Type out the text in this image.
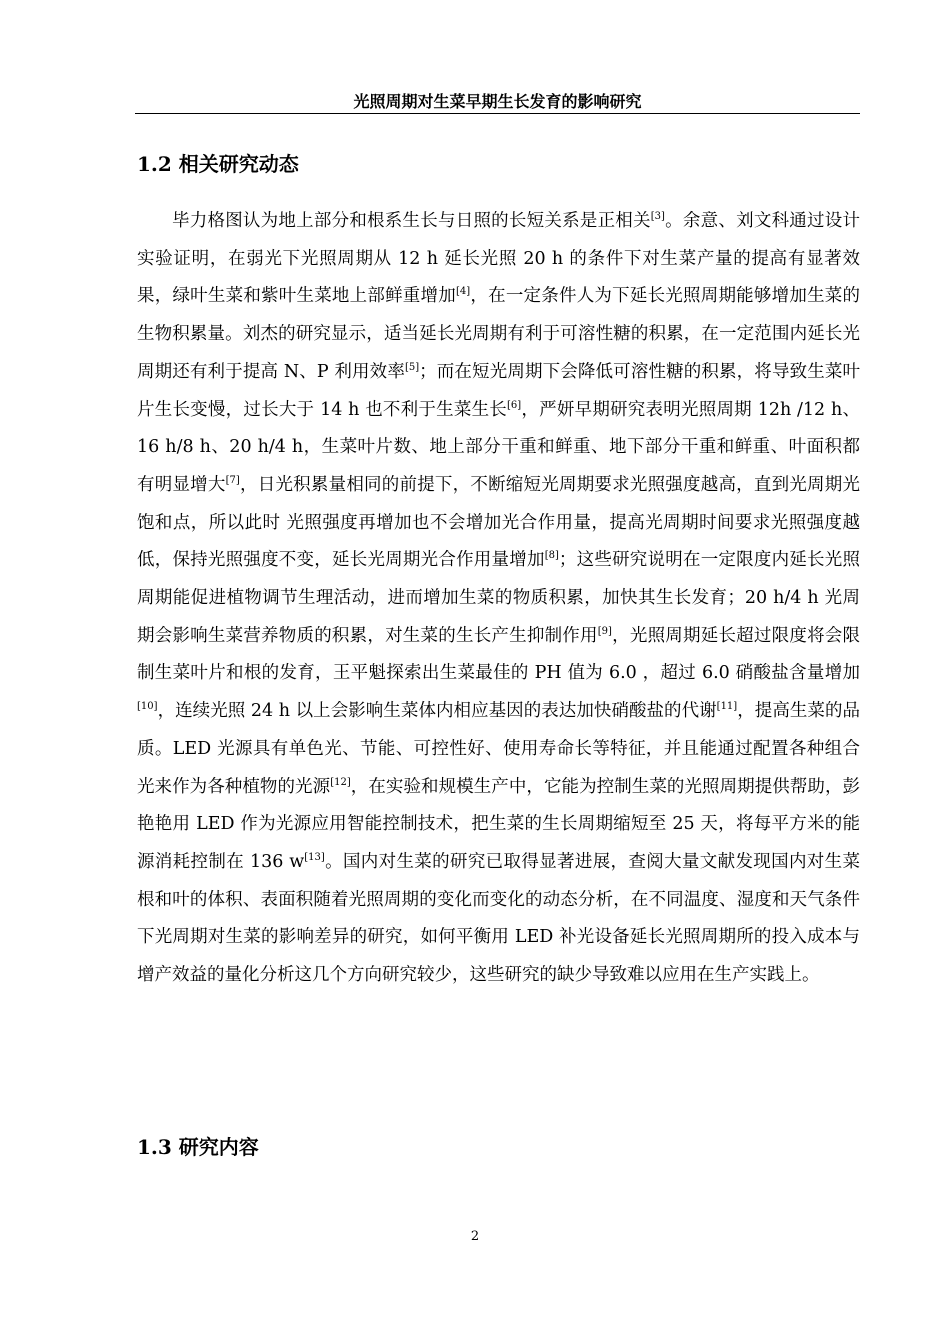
光照周期对生菜早期生长发育的影响研究
1.2 相关研究动态

毕力格图认为地上部分和根系生长与日照的长短关系是正相关[3]。余意、刘文科通过设计实验证明，在弱光下光照周期从 12 h 延长光照 20 h 的条件下对生菜产量的提高有显著效果，绿叶生菜和紫叶生菜地上部鲜重增加[4]，在一定条件人为下延长光照周期能够增加生菜的生物积累量。刘杰的研究显示，适当延长光周期有利于可溶性糖的积累，在一定范围内延长光周期还有利于提高 N、P 利用效率[5]；而在短光周期下会降低可溶性糖的积累，将导致生菜叶片生长变慢，过长大于 14 h 也不利于生菜生长[6]，严妍早期研究表明光照周期 12h /12 h、16 h/8 h、20 h/4 h，生菜叶片数、地上部分干重和鲜重、地下部分干重和鲜重、叶面积都有明显增大[7]，日光积累量相同的前提下，不断缩短光周期要求光照强度越高，直到光周期光饱和点，所以此时 光照强度再增加也不会增加光合作用量，提高光周期时间要求光照强度越低，保持光照强度不变，延长光周期光合作用量增加[8]；这些研究说明在一定限度内延长光照周期能促进植物调节生理活动，进而增加生菜的物质积累，加快其生长发育；20 h/4 h 光周期会影响生菜营养物质的积累，对生菜的生长产生抑制作用[9]，光照周期延长超过限度将会限制生菜叶片和根的发育，王平魁探索出生菜最佳的 PH 值为 6.0 ，超过 6.0 硝酸盐含量增加[10]，连续光照 24 h 以上会影响生菜体内相应基因的表达加快硝酸盐的代谢[11]，提高生菜的品质。LED 光源具有单色光、节能、可控性好、使用寿命长等特征，并且能通过配置各种组合光来作为各种植物的光源[12]，在实验和规模生产中，它能为控制生菜的光照周期提供帮助，彭艳艳用 LED 作为光源应用智能控制技术，把生菜的生长周期缩短至 25 天，将每平方米的能源消耗控制在 136 w[13]。国内对生菜的研究已取得显著进展，查阅大量文献发现国内对生菜根和叶的体积、表面积随着光照周期的变化而变化的动态分析，在不同温度、湿度和天气条件下光周期对生菜的影响差异的研究，如何平衡用 LED 补光设备延长光照周期所的投入成本与增产效益的量化分析这几个方向研究较少，这些研究的缺少导致难以应用在生产实践上。

1.3 研究内容
2
